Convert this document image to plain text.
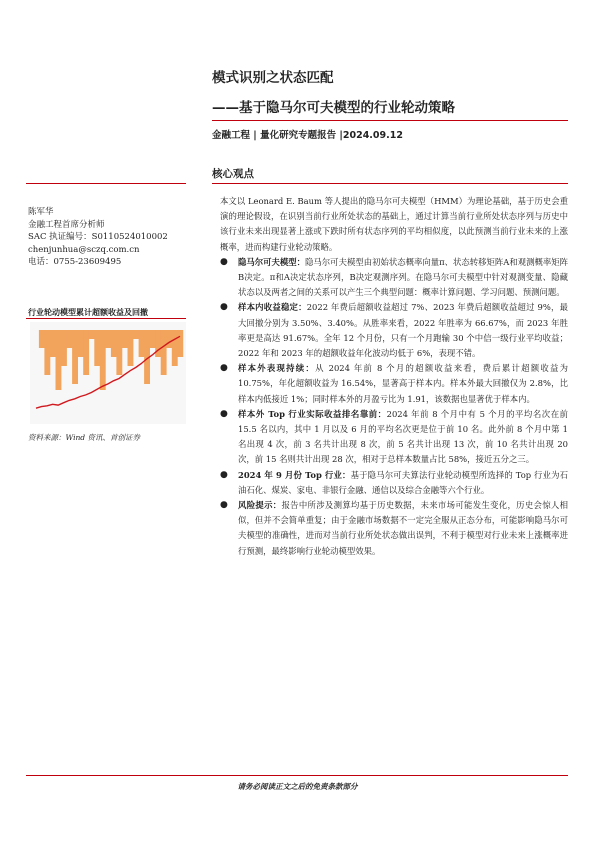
模式识别之状态匹配
——基于隐马尔可夫模型的行业轮动策略
金融工程 | 量化研究专题报告 |2024.09.12
核心观点
陈军华
金融工程首席分析师
SAC 执证编号：S0110524010002
chenjunhua@sczq.com.cn
电话：0755-23609495
行业轮动模型累计超额收益及回撤
资料来源：Wind 资讯、首创证券

本文以 Leonard E. Baum 等人提出的隐马尔可夫模型（HMM）为理论基础，基于历史会重演的理论假设，在识别当前行业所处状态的基础上，通过计算当前行业所处状态序列与历史中该行业未来出现显著上涨或下跌时所有状态序列的平均相似度，以此预测当前行业未来的上涨概率，进而构建行业轮动策略。

● 隐马尔可夫模型：隐马尔可夫模型由初始状态概率向量π、状态转移矩阵A和观测概率矩阵B决定。π和A决定状态序列，B决定观测序列。在隐马尔可夫模型中针对观测变量、隐藏状态以及两者之间的关系可以产生三个典型问题：概率计算问题、学习问题、预测问题。
● 样本内收益稳定：2022 年费后超额收益超过 7%、2023 年费后超额收益超过 9%，最大回撤分别为 3.50%、3.40%。从胜率来看，2022 年胜率为 66.67%，而 2023 年胜率更是高达 91.67%。全年 12 个月份，只有一个月跑输 30 个中信一级行业平均收益；2022 年和 2023 年的超额收益年化波动均低于 6%，表现不错。
● 样本外表现持续：从 2024 年前 8 个月的超额收益来看，费后累计超额收益为 10.75%，年化超额收益为 16.54%，显著高于样本内。样本外最大回撤仅为 2.8%，比样本内低接近 1%；同时样本外的月盈亏比为 1.91，该数据也显著优于样本内。
● 样本外 Top 行业实际收益排名靠前：2024 年前 8 个月中有 5 个月的平均名次在前 15.5 名以内，其中 1 月以及 6 月的平均名次更是位于前 10 名。此外前 8 个月中第 1 名出现 4 次，前 3 名共计出现 8 次，前 5 名共计出现 13 次，前 10 名共计出现 20 次，前 15 名则共计出现 28 次，相对于总样本数量占比 58%，接近五分之三。
● 2024 年 9 月份 Top 行业：基于隐马尔可夫算法行业轮动模型所选择的 Top 行业为石油石化、煤炭、家电、非银行金融、通信以及综合金融等六个行业。
● 风险提示：报告中所涉及测算均基于历史数据，未来市场可能发生变化，历史会惊人相似，但并不会简单重复；由于金融市场数据不一定完全服从正态分布，可能影响隐马尔可夫模型的准确性，进而对当前行业所处状态做出误判，不利于模型对行业未来上涨概率进行预测，最终影响行业轮动模型效果。
请务必阅读正文之后的免责条款部分
